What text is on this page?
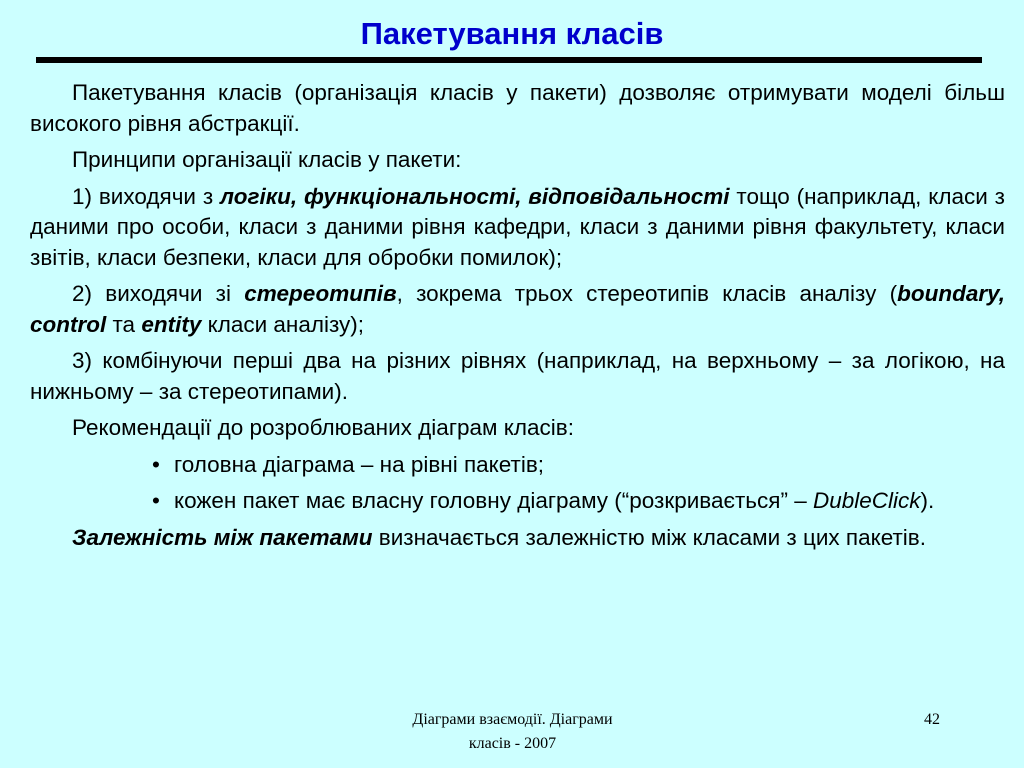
Пакетування класів

Пакетування класів (організація класів у пакети) дозволяє отримувати моделі більш високого рівня абстракції.

Принципи організації класів у пакети:

1) виходячи з логіки, функціональності, відповідальності тощо (наприклад, класи з даними про особи, класи з даними рівня кафедри, класи з даними рівня факультету, класи звітів, класи безпеки, класи для обробки помилок);

2) виходячи зі стереотипів, зокрема трьох стереотипів класів аналізу (boundary, control та entity класи аналізу);

3) комбінуючи перші два на різних рівнях (наприклад, на верхньому – за логікою, на нижньому – за стереотипами).

Рекомендації до розроблюваних діаграм класів:

• головна діаграма – на рівні пакетів;
• кожен пакет має власну головну діаграму (“розкривається” – DubleClick).

Залежність між пакетами визначається залежністю між класами з цих пакетів.

Діаграми взаємодії. Діаграми
класів - 2007
42
